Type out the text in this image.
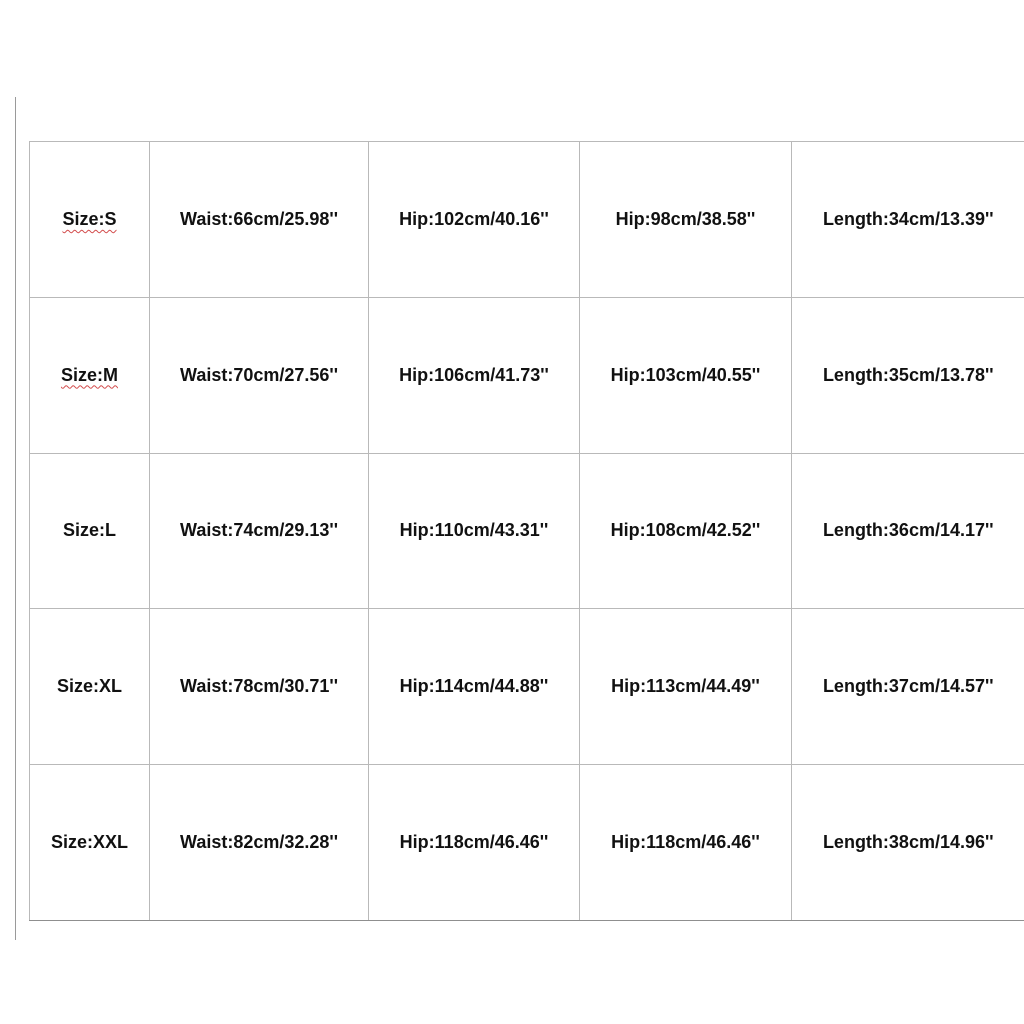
Size:S	Waist:66cm/25.98''	Hip:102cm/40.16''	Hip:98cm/38.58''	Length:34cm/13.39''
Size:M	Waist:70cm/27.56''	Hip:106cm/41.73''	Hip:103cm/40.55''	Length:35cm/13.78''
Size:L	Waist:74cm/29.13''	Hip:110cm/43.31''	Hip:108cm/42.52''	Length:36cm/14.17''
Size:XL	Waist:78cm/30.71''	Hip:114cm/44.88''	Hip:113cm/44.49''	Length:37cm/14.57''
Size:XXL	Waist:82cm/32.28''	Hip:118cm/46.46''	Hip:118cm/46.46''	Length:38cm/14.96''
